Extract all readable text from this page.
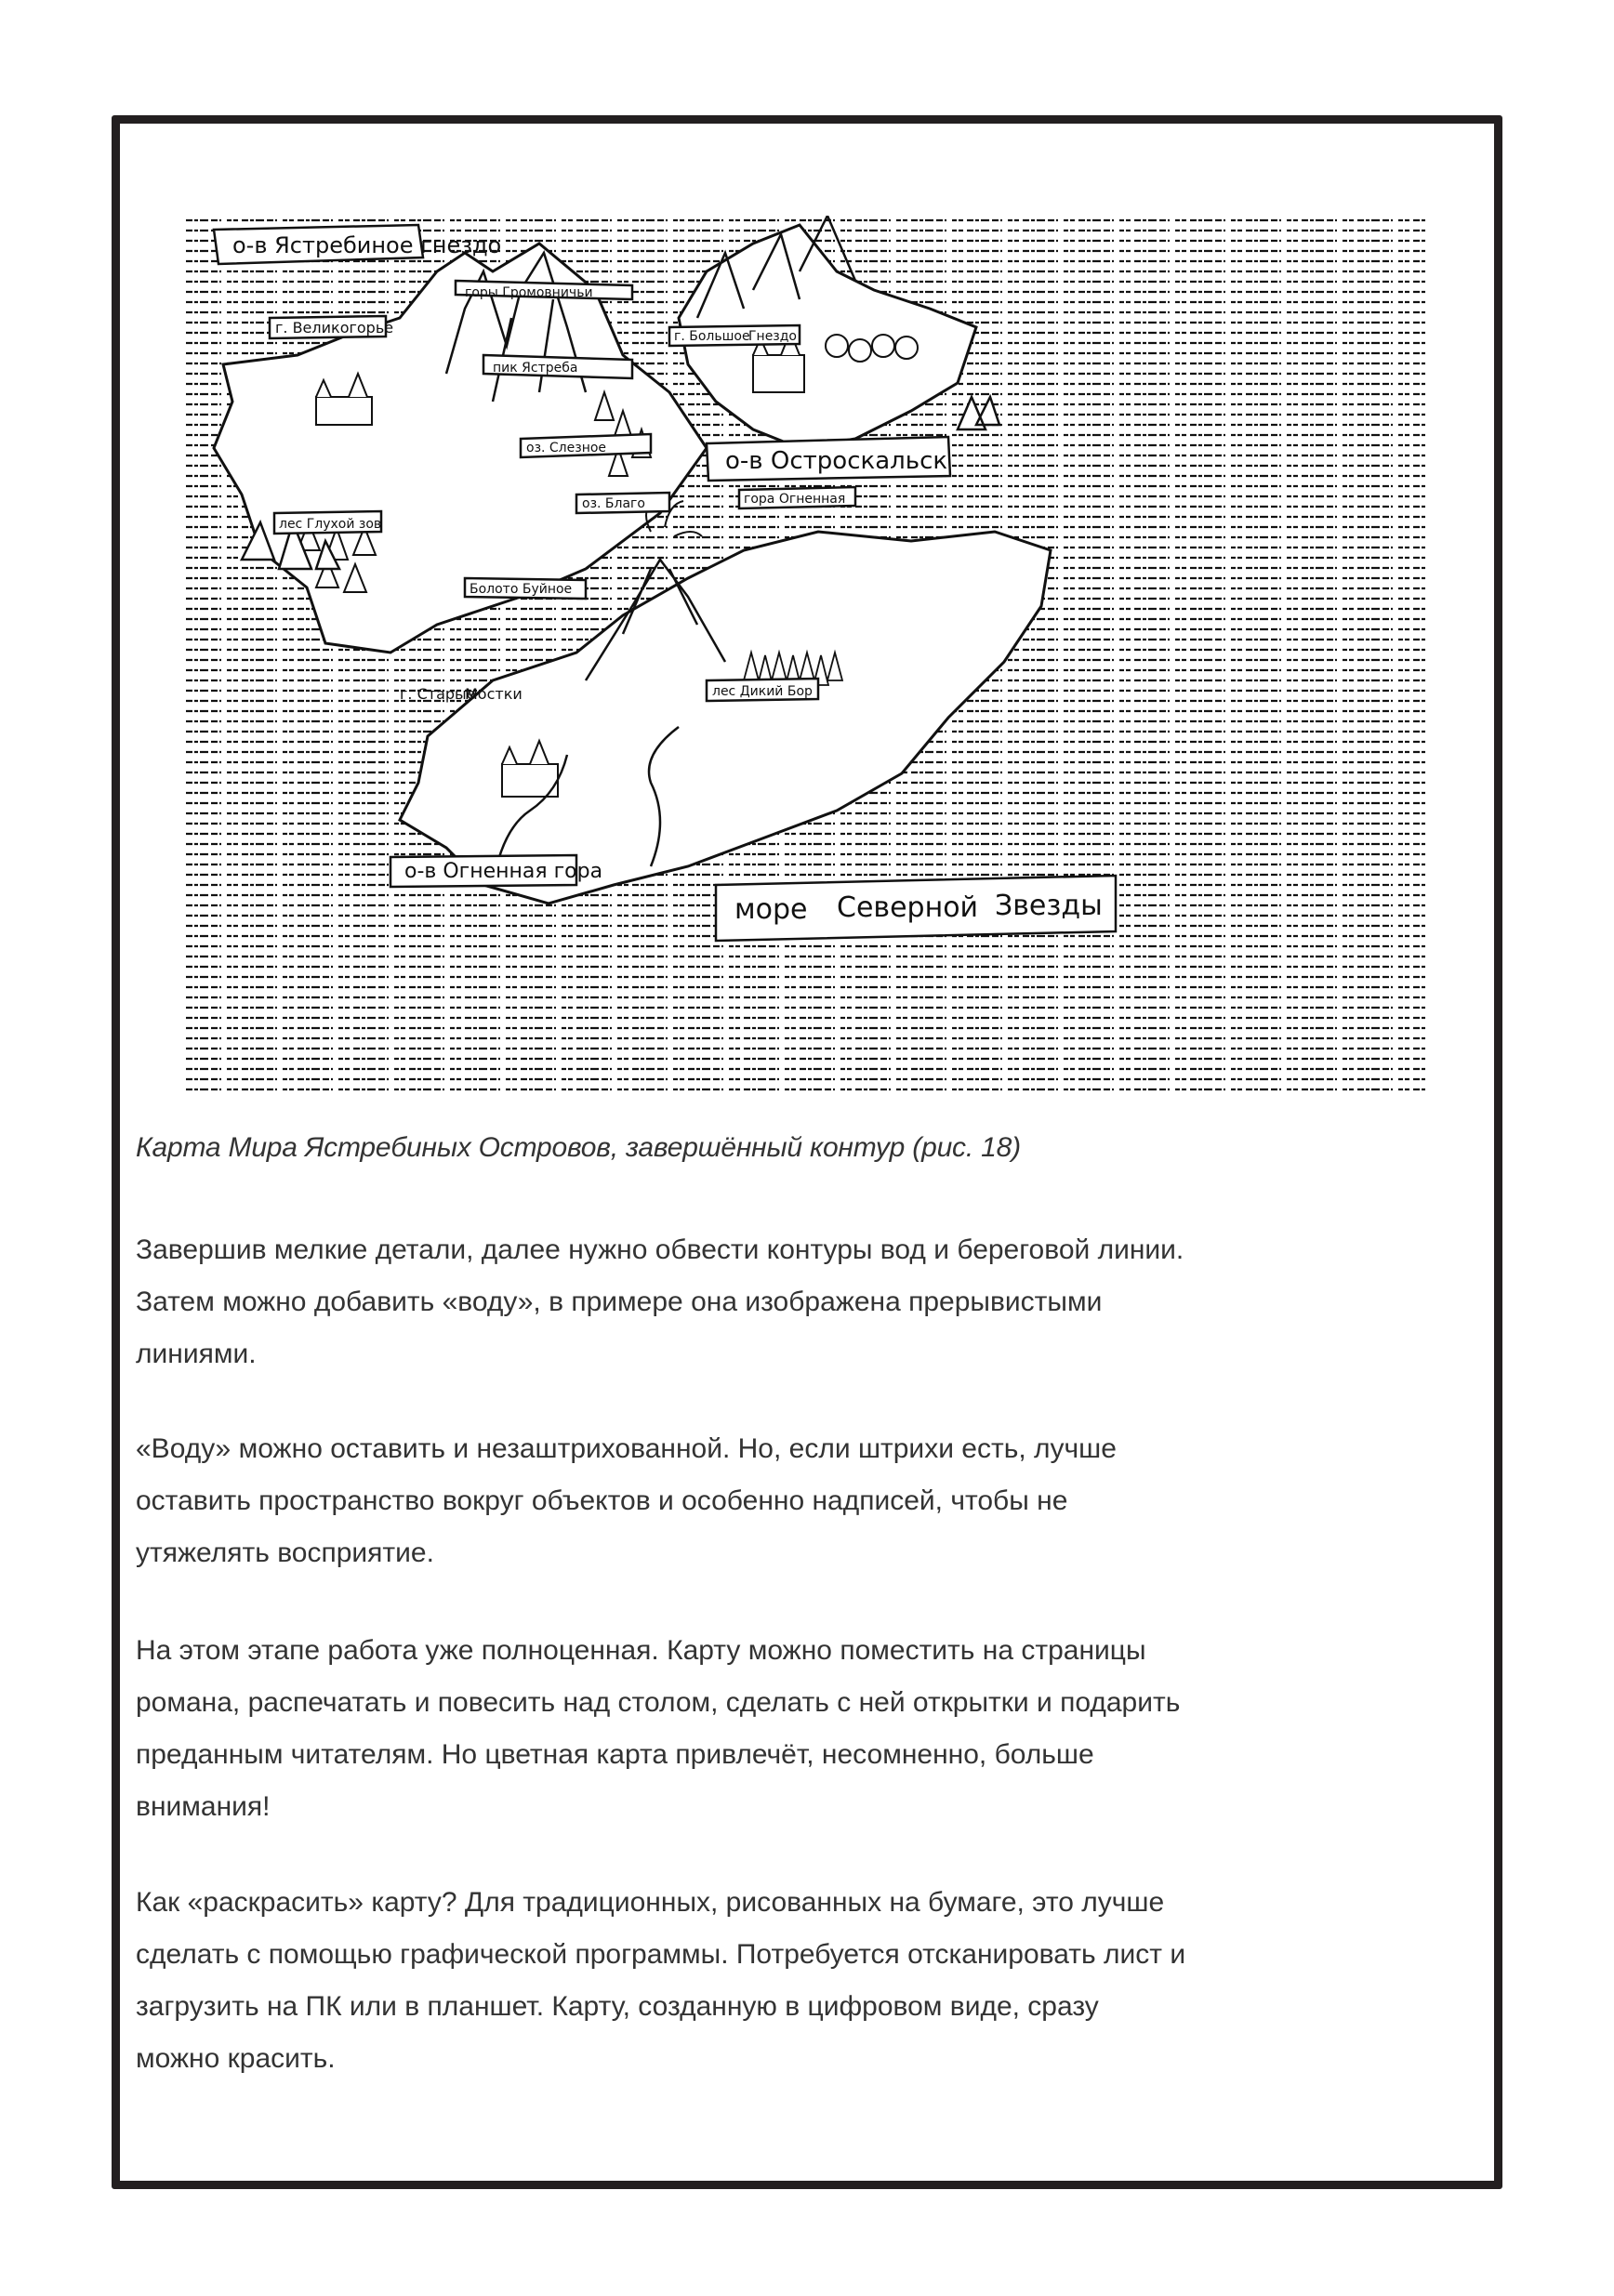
о-в Ястребиное гнездо
горы Громовничьи
пик Ястреба
г. Великогорье
оз. Слезное
оз. Благо
Болото Буйное
лес Глухой зов
г. Большое
Гнездо
о-в Остроскальск
гора Огненная
г. Старые
Мостки	лес Дикий Бор
о-в Огненная гора
море Северной Звезды
Карта Мира Ястребиных Островов, завершённый контур (рис. 18)

Завершив мелкие детали, далее нужно обвести контуры вод и береговой линии.

Затем можно добавить «воду», в примере она изображена прерывистыми

линиями.

«Воду» можно оставить и незаштрихованной. Но, если штрихи есть, лучше

оставить пространство вокруг объектов и особенно надписей, чтобы не

утяжелять восприятие.

На этом этапе работа уже полноценная. Карту можно поместить на страницы

романа, распечатать и повесить над столом, сделать с ней открытки и подарить

преданным читателям. Но цветная карта привлечёт, несомненно, больше

внимания!

Как «раскрасить» карту? Для традиционных, рисованных на бумаге, это лучше

сделать с помощью графической программы. Потребуется отсканировать лист и

загрузить на ПК или в планшет. Карту, созданную в цифровом виде, сразу

можно красить.
